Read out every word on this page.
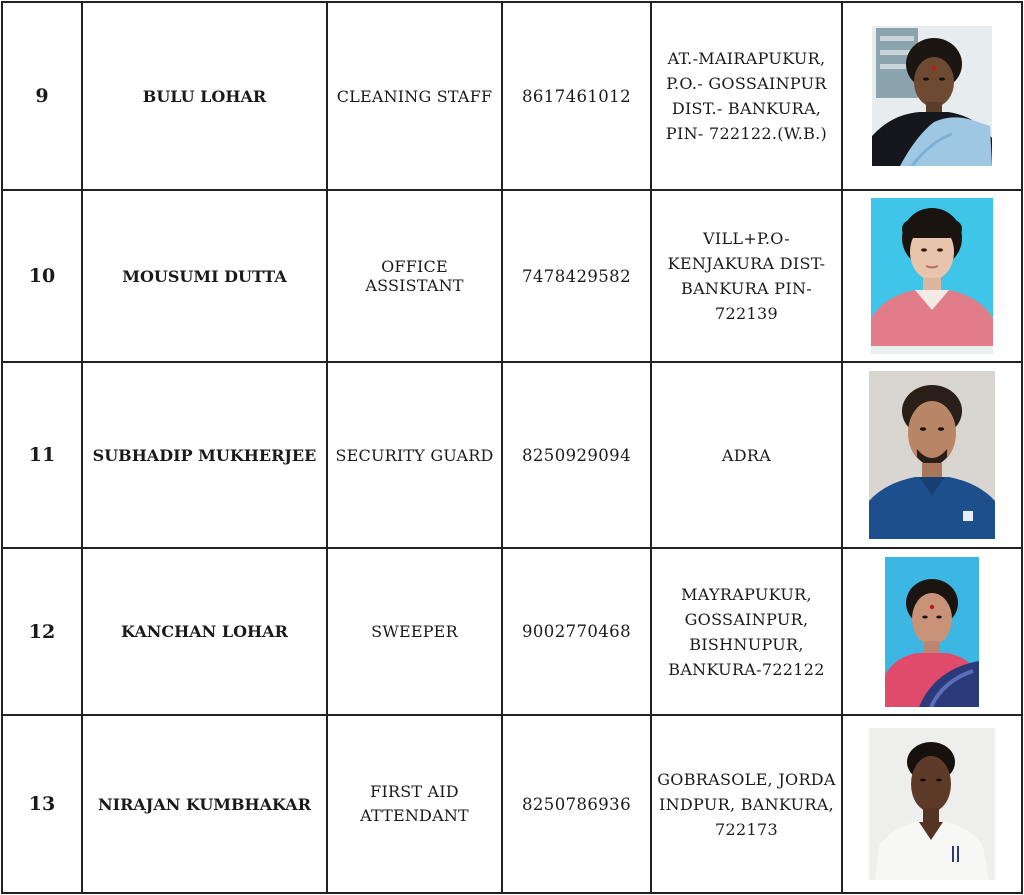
9	BULU LOHAR	CLEANING STAFF	8617461012	AT.-MAIRAPUKUR,
P.O.- GOSSAINPUR
DIST.- BANKURA,
PIN- 722122.(W.B.)

10	MOUSUMI DUTTA	OFFICE ASSISTANT	7478429582	VILL+P.O-
KENJAKURA DIST-
BANKURA PIN-
722139

11	SUBHADIP MUKHERJEE	SECURITY GUARD	8250929094	ADRA

12	KANCHAN LOHAR	SWEEPER	9002770468	MAYRAPUKUR,
GOSSAINPUR,
BISHNUPUR,
BANKURA-722122

13	NIRAJAN KUMBHAKAR	FIRST AID
ATTENDANT	8250786936	GOBRASOLE, JORDA
INDPUR, BANKURA,
722173
